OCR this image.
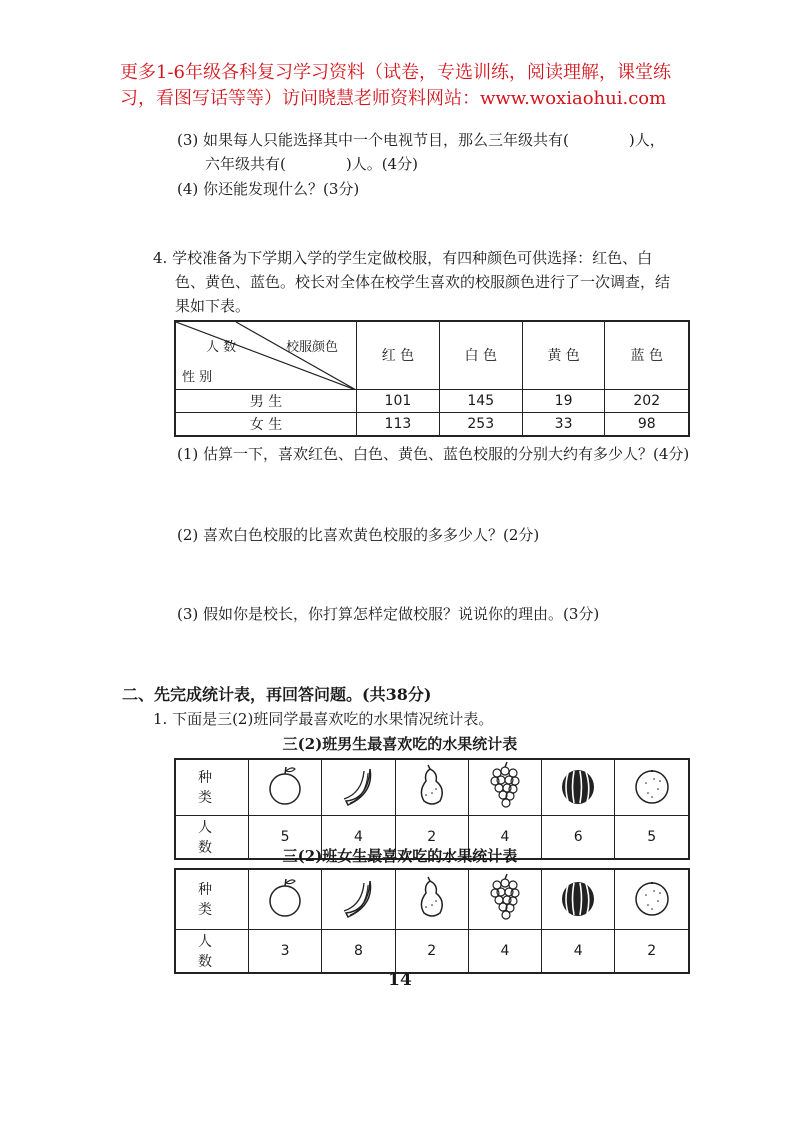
更多1-6年级各科复习学习资料（试卷，专选训练，阅读理解，课堂练
习，看图写话等等）访问晓慧老师资料网站：www.woxiaohui.com
(3) 如果每人只能选择其中一个电视节目，那么三年级共有(　　　　)人，
六年级共有(　　　　)人。(4分)
(4) 你还能发现什么？(3分)
4. 学校准备为下学期入学的学生定做校服，有四种颜色可供选择：红色、白
色、黄色、蓝色。校长对全体在校学生喜欢的校服颜色进行了一次调查，结
果如下表。
人 数 校服颜色
性 别	红 色	白 色	黄 色	蓝 色
男 生	101	145	19	202
女 生	113	253	33	98
(1) 估算一下，喜欢红色、白色、黄色、蓝色校服的分别大约有多少人？(4分)
(2) 喜欢白色校服的比喜欢黄色校服的多多少人？(2分)
(3) 假如你是校长，你打算怎样定做校服？说说你的理由。(3分)
二、先完成统计表，再回答问题。(共38分)
1. 下面是三(2)班同学最喜欢吃的水果情况统计表。
三(2)班男生最喜欢吃的水果统计表
种 类						
人 数	5	4	2	4	6	5
三(2)班女生最喜欢吃的水果统计表
种 类						
人 数	3	8	2	4	4	2
14
